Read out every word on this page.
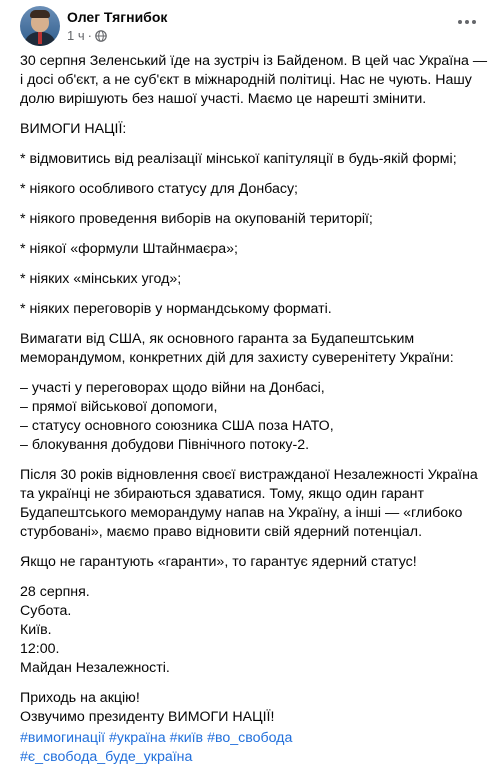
Олег Тягнибок
1 ч ·

30 серпня Зеленський їде на зустріч із Байденом. В цей час Україна — і досі об'єкт, а не суб'єкт в міжнародній політиці. Нас не чують. Нашу долю вирішують без нашої участі. Маємо це нарешті змінити.

ВИМОГИ НАЦІЇ:

* відмовитись від реалізації мінської капітуляції в будь-якій формі;

* ніякого особливого статусу для Донбасу;

* ніякого проведення виборів на окупованій території;

* ніякої «формули Штайнмаєра»;

* ніяких «мінських угод»;

* ніяких переговорів у нормандському форматі.

Вимагати від США, як основного гаранта за Будапештським меморандумом, конкретних дій для захисту суверенітету України:

– участі у переговорах щодо війни на Донбасі,
– прямої військової допомоги,
– статусу основного союзника США поза НАТО,
– блокування добудови Північного потоку-2.

Після 30 років відновлення своєї вистражданої Незалежності Україна та українці не збираються здаватися. Тому, якщо один гарант Будапештського меморандуму напав на Україну, а інші — «глибоко стурбовані», маємо право відновити свій ядерний потенціал.

Якщо не гарантують «гаранти», то гарантує ядерний статус!

28 серпня.
Субота.
Київ.
12:00.
Майдан Незалежності.
Приходь на акцію!
Озвучимо президенту ВИМОГИ НАЦІЇ!
#вимогинації #україна #київ #во_свобода
#є_свобода_буде_україна
